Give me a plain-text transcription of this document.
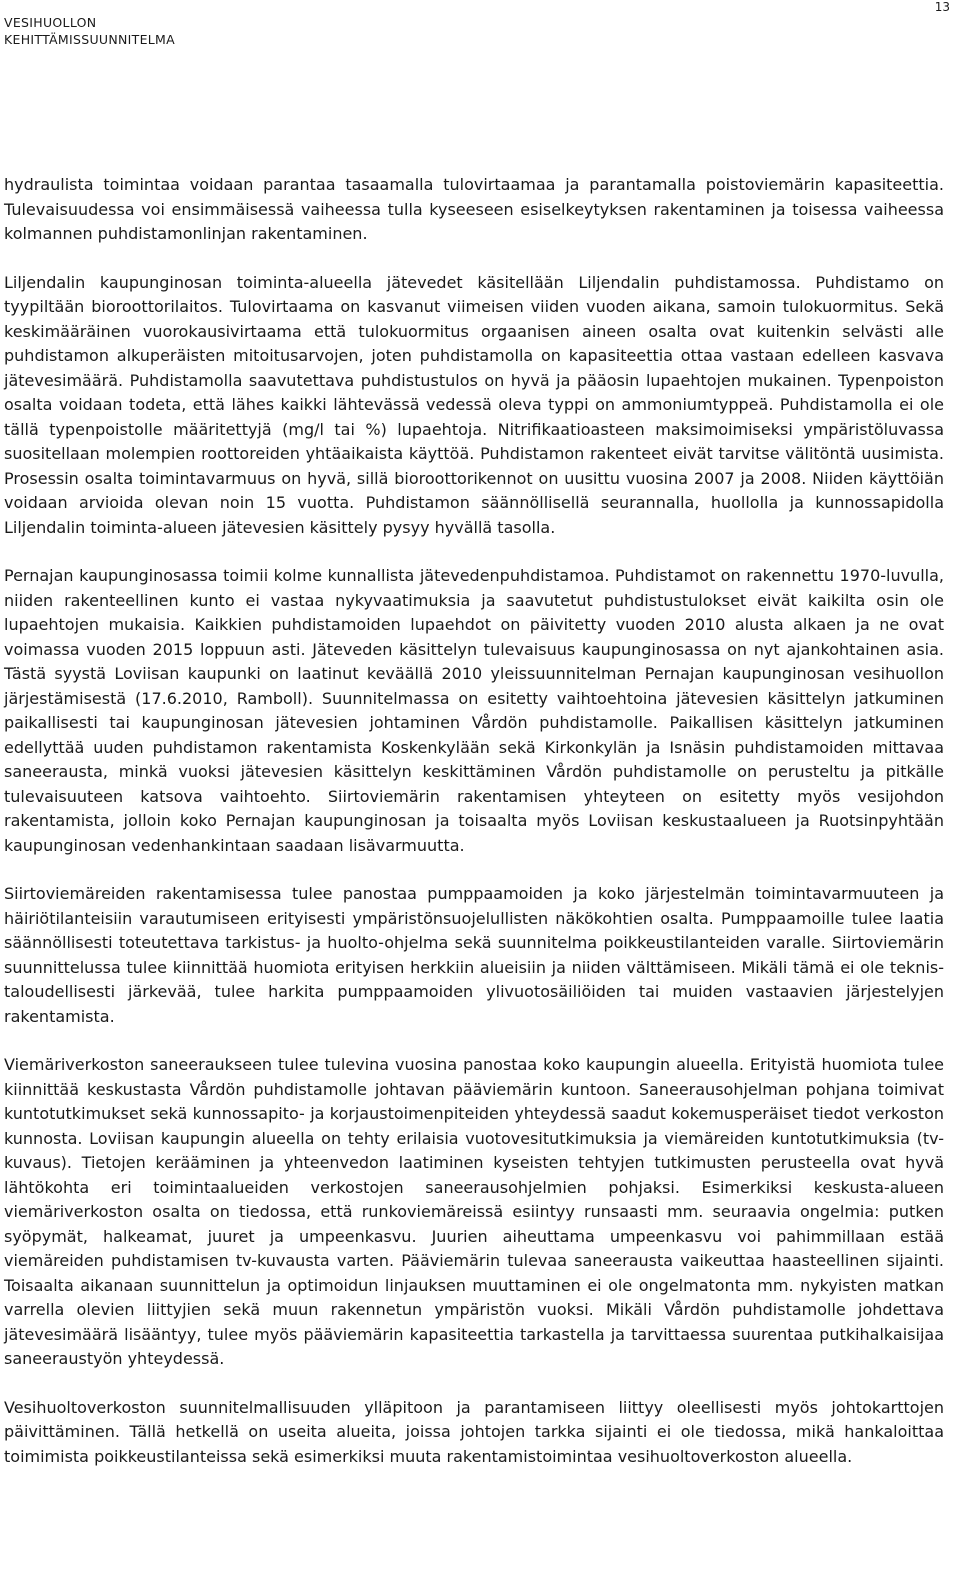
VESIHUOLLON
KEHITTÄMISSUUNNITELMA
13

hydraulista toimintaa voidaan parantaa tasaamalla tulovirtaamaa ja parantamalla poistoviemärin kapasiteettia. Tulevaisuudessa voi ensimmäisessä vaiheessa tulla kyseeseen esiselkeytyksen rakentaminen ja toisessa vaiheessa kolmannen puhdistamonlinjan rakentaminen.

Liljendalin kaupunginosan toiminta-alueella jätevedet käsitellään Liljendalin puhdistamossa. Puhdistamo on tyypiltään bioroottorilaitos. Tulovirtaama on kasvanut viimeisen viiden vuoden aikana, samoin tulokuormitus. Sekä keskimääräinen vuorokausivirtaama että tulokuormitus orgaanisen aineen osalta ovat kuitenkin selvästi alle puhdistamon alkuperäisten mitoitusarvojen, joten puhdistamolla on kapasiteettia ottaa vastaan edelleen kasvava jätevesimäärä. Puhdistamolla saavutettava puhdistustulos on hyvä ja pääosin lupaehtojen mukainen. Typenpoiston osalta voidaan todeta, että lähes kaikki lähtevässä vedessä oleva typpi on ammoniumtyppeä. Puhdistamolla ei ole tällä typenpoistolle määritettyjä (mg/l tai %) lupaehtoja. Nitrifikaatioasteen maksimoimiseksi ympäristöluvassa suositellaan molempien roottoreiden yhtäaikaista käyttöä. Puhdistamon rakenteet eivät tarvitse välitöntä uusimista. Prosessin osalta toimintavarmuus on hyvä, sillä bioroottorikennot on uusittu vuosina 2007 ja 2008. Niiden käyttöiän voidaan arvioida olevan noin 15 vuotta. Puhdistamon säännöllisellä seurannalla, huollolla ja kunnossapidolla Liljendalin toiminta-alueen jätevesien käsittely pysyy hyvällä tasolla.

Pernajan kaupunginosassa toimii kolme kunnallista jätevedenpuhdistamoa. Puhdistamot on rakennettu 1970-luvulla, niiden rakenteellinen kunto ei vastaa nykyvaatimuksia ja saavutetut puhdistustulokset eivät kaikilta osin ole lupaehtojen mukaisia. Kaikkien puhdistamoiden lupaehdot on päivitetty vuoden 2010 alusta alkaen ja ne ovat voimassa vuoden 2015 loppuun asti. Jäteveden käsittelyn tulevaisuus kaupunginosassa on nyt ajankohtainen asia. Tästä syystä Loviisan kaupunki on laatinut keväällä 2010 yleissuunnitelman Pernajan kaupunginosan vesihuollon järjestämisestä (17.6.2010, Ramboll). Suunnitelmassa on esitetty vaihtoehtoina jätevesien käsittelyn jatkuminen paikallisesti tai kaupunginosan jätevesien johtaminen Vårdön puhdistamolle. Paikallisen käsittelyn jatkuminen edellyttää uuden puhdistamon rakentamista Koskenkylään sekä Kirkonkylän ja Isnäsin puhdistamoiden mittavaa saneerausta, minkä vuoksi jätevesien käsittelyn keskittäminen Vårdön puhdistamolle on perusteltu ja pitkälle tulevaisuuteen katsova vaihtoehto. Siirtoviemärin rakentamisen yhteyteen on esitetty myös vesijohdon rakentamista, jolloin koko Pernajan kaupunginosan ja toisaalta myös Loviisan keskustaalueen ja Ruotsinpyhtään kaupunginosan vedenhankintaan saadaan lisävarmuutta.

Siirtoviemäreiden rakentamisessa tulee panostaa pumppaamoiden ja koko järjestelmän toimintavarmuuteen ja häiriötilanteisiin varautumiseen erityisesti ympäristönsuojelullisten näkökohtien osalta. Pumppaamoille tulee laatia säännöllisesti toteutettava tarkistus- ja huolto-ohjelma sekä suunnitelma poikkeustilanteiden varalle. Siirtoviemärin suunnittelussa tulee kiinnittää huomiota erityisen herkkiin alueisiin ja niiden välttämiseen. Mikäli tämä ei ole teknis-taloudellisesti järkevää, tulee harkita pumppaamoiden ylivuotosäiliöiden tai muiden vastaavien järjestelyjen rakentamista.

Viemäriverkoston saneeraukseen tulee tulevina vuosina panostaa koko kaupungin alueella. Erityistä huomiota tulee kiinnittää keskustasta Vårdön puhdistamolle johtavan pääviemärin kuntoon. Saneerausohjelman pohjana toimivat kuntotutkimukset sekä kunnossapito- ja korjaustoimenpiteiden yhteydessä saadut kokemusperäiset tiedot verkoston kunnosta. Loviisan kaupungin alueella on tehty erilaisia vuotovesitutkimuksia ja viemäreiden kuntotutkimuksia (tv-kuvaus). Tietojen kerääminen ja yhteenvedon laatiminen kyseisten tehtyjen tutkimusten perusteella ovat hyvä lähtökohta eri toimintaalueiden verkostojen saneerausohjelmien pohjaksi. Esimerkiksi keskusta-alueen viemäriverkoston osalta on tiedossa, että runkoviemäreissä esiintyy runsaasti mm. seuraavia ongelmia: putken syöpymät, halkeamat, juuret ja umpeenkasvu. Juurien aiheuttama umpeenkasvu voi pahimmillaan estää viemäreiden puhdistamisen tv-kuvausta varten. Pääviemärin tulevaa saneerausta vaikeuttaa haasteellinen sijainti. Toisaalta aikanaan suunnittelun ja optimoidun linjauksen muuttaminen ei ole ongelmatonta mm. nykyisten matkan varrella olevien liittyjien sekä muun rakennetun ympäristön vuoksi. Mikäli Vårdön puhdistamolle johdettava jätevesimäärä lisääntyy, tulee myös pääviemärin kapasiteettia tarkastella ja tarvittaessa suurentaa putkihalkaisijaa saneeraustyön yhteydessä.

Vesihuoltoverkoston suunnitelmallisuuden ylläpitoon ja parantamiseen liittyy oleellisesti myös johtokarttojen päivittäminen. Tällä hetkellä on useita alueita, joissa johtojen tarkka sijainti ei ole tiedossa, mikä hankaloittaa toimimista poikkeustilanteissa sekä esimerkiksi muuta rakentamistoimintaa vesihuoltoverkoston alueella.
